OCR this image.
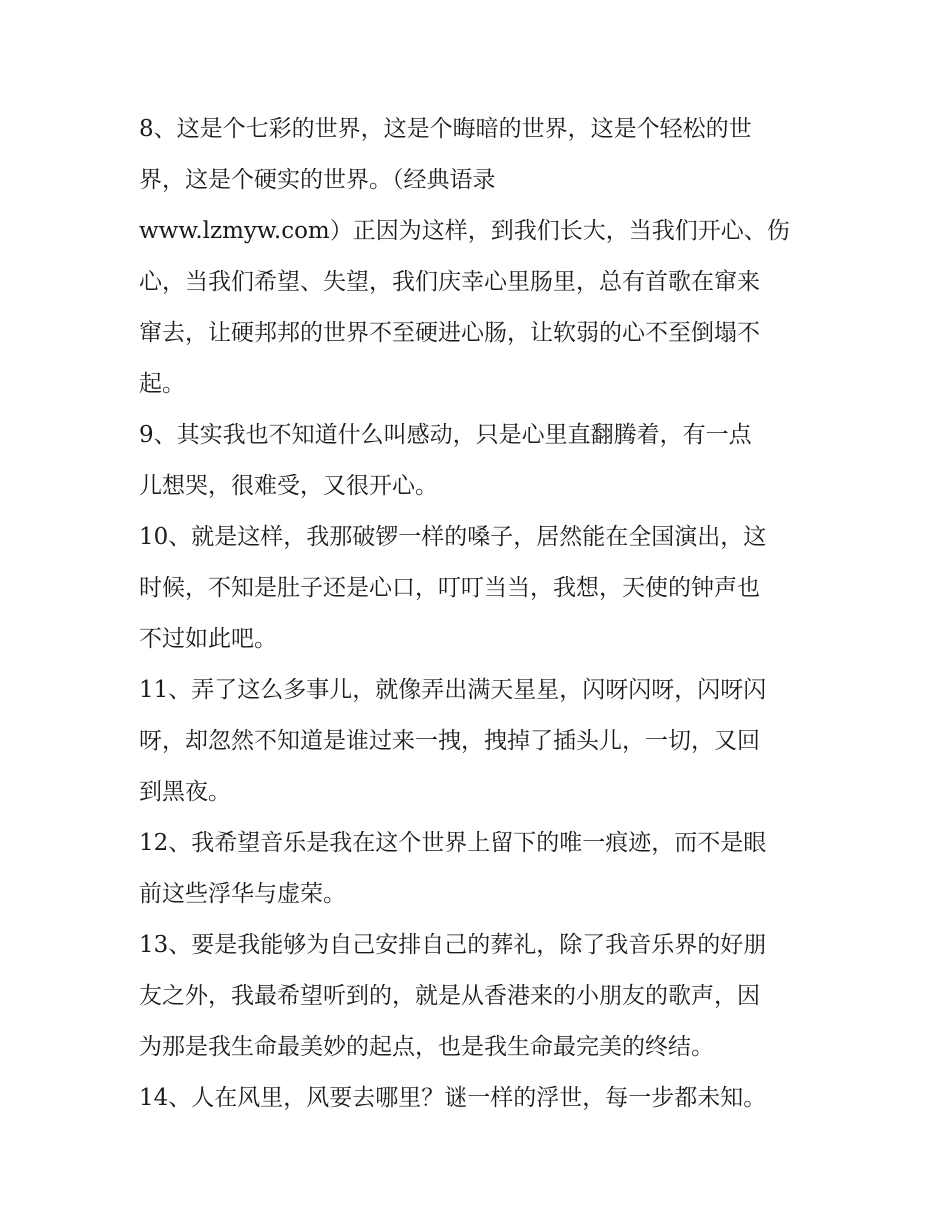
8、这是个七彩的世界，这是个晦暗的世界，这是个轻松的世
界，这是个硬实的世界。（经典语录
www.lzmyw.com）正因为这样，到我们长大，当我们开心、伤
心，当我们希望、失望，我们庆幸心里肠里，总有首歌在窜来
窜去，让硬邦邦的世界不至硬进心肠，让软弱的心不至倒塌不
起。
9、其实我也不知道什么叫感动，只是心里直翻腾着，有一点
儿想哭，很难受，又很开心。
10、就是这样，我那破锣一样的嗓子，居然能在全国演出，这
时候，不知是肚子还是心口，叮叮当当，我想，天使的钟声也
不过如此吧。
11、弄了这么多事儿，就像弄出满天星星，闪呀闪呀，闪呀闪
呀，却忽然不知道是谁过来一拽，拽掉了插头儿，一切，又回
到黑夜。
12、我希望音乐是我在这个世界上留下的唯一痕迹，而不是眼
前这些浮华与虚荣。
13、要是我能够为自己安排自己的葬礼，除了我音乐界的好朋
友之外，我最希望听到的，就是从香港来的小朋友的歌声，因
为那是我生命最美妙的起点，也是我生命最完美的终结。
14、人在风里，风要去哪里？谜一样的浮世，每一步都未知。
